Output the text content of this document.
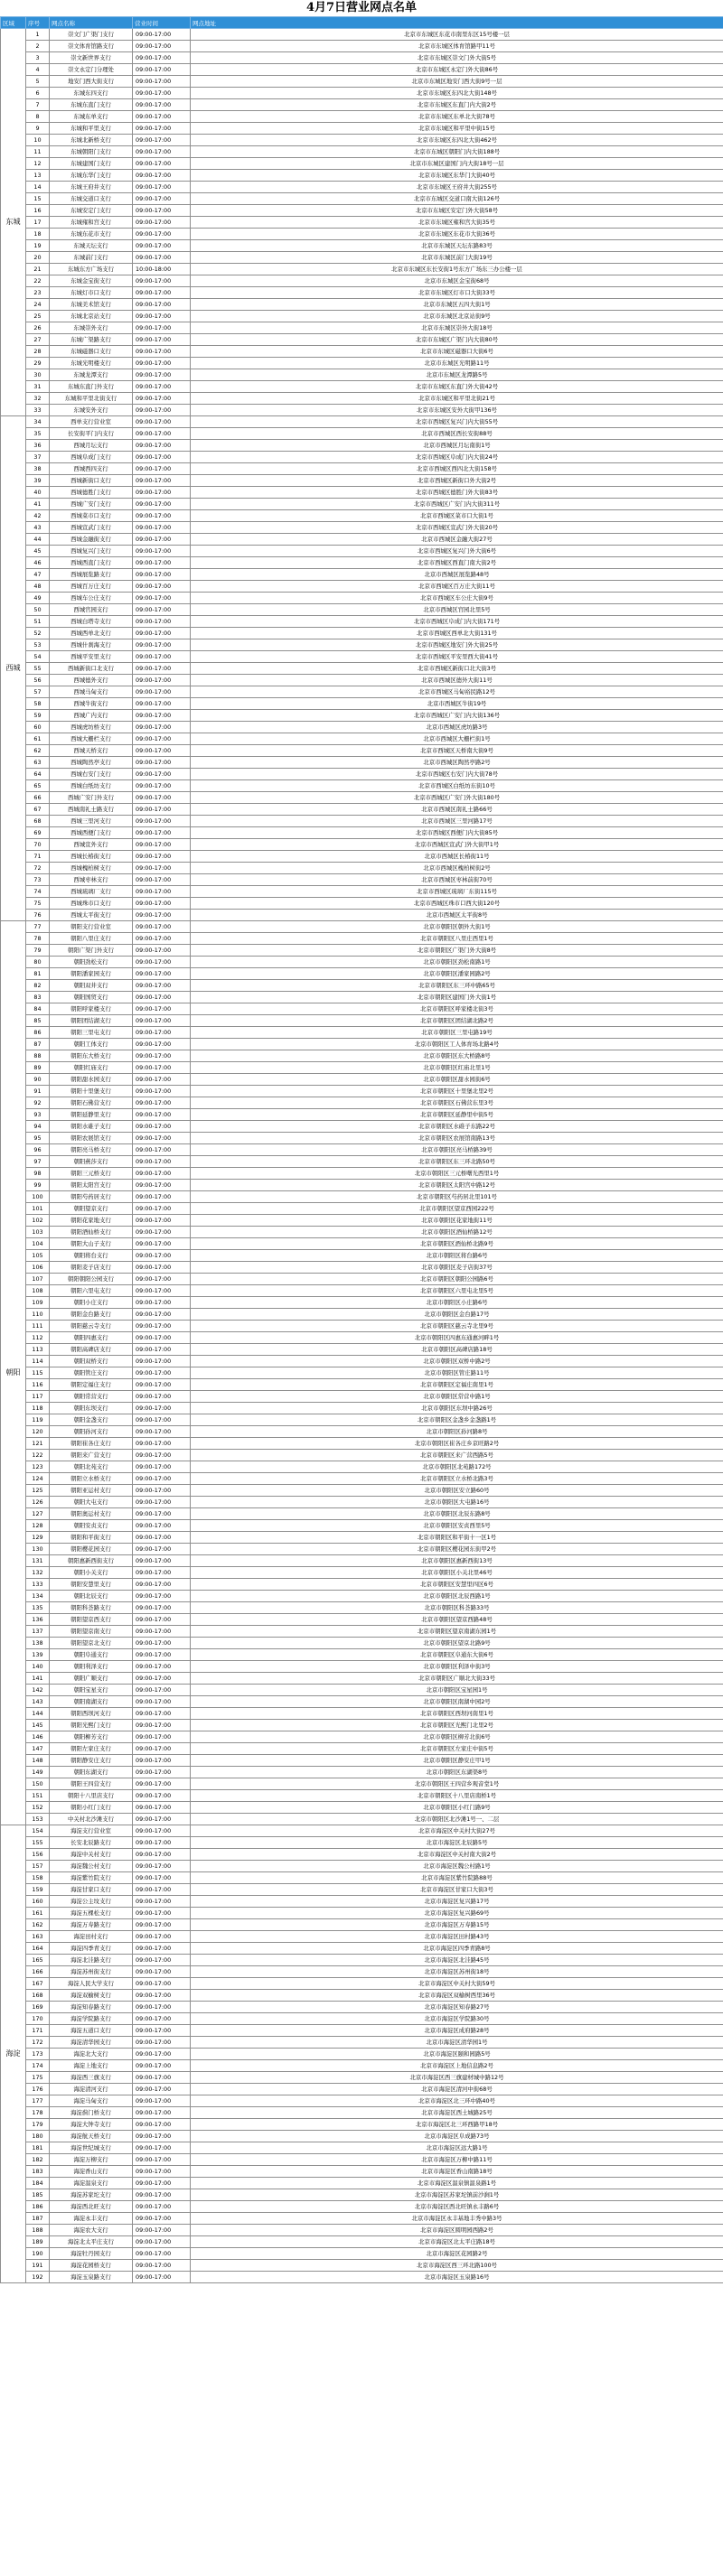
4月7日营业网点名单
区域	序号	网点名称	营业时间	网点地址
东城	1	崇文门广渠门支行	09:00-17:00	北京市东城区东花市南里东区15号楼一层
	2	崇文体育馆路支行	09:00-17:00	北京市东城区体育馆路甲11号
	3	崇文新世界支行	09:00-17:00	北京市东城区崇文门外大街5号
	4	崇文永定门分理处	09:00-17:00	北京市东城区永定门外大街86号
	5	地安门西大街支行	09:00-17:00	北京市东城区地安门西大街9号一层
	6	东城东四支行	09:00-17:00	北京市东城区东四北大街148号
	7	东城东直门支行	09:00-17:00	北京市东城区东直门内大街2号
	8	东城东单支行	09:00-17:00	北京市东城区东单北大街78号
	9	东城和平里支行	09:00-17:00	北京市东城区和平里中街15号
	10	东城北新桥支行	09:00-17:00	北京市东城区东四北大街462号
	11	东城朝阳门支行	09:00-17:00	北京市东城区朝阳门内大街188号
	12	东城建国门支行	09:00-17:00	北京市东城区建国门内大街18号一层
	13	东城东华门支行	09:00-17:00	北京市东城区东华门大街40号
	14	东城王府井支行	09:00-17:00	北京市东城区王府井大街255号
	15	东城交道口支行	09:00-17:00	北京市东城区交道口南大街126号
	16	东城安定门支行	09:00-17:00	北京市东城区安定门外大街58号
	17	东城雍和宫支行	09:00-17:00	北京市东城区雍和宫大街35号
	18	东城东花市支行	09:00-17:00	北京市东城区东花市大街36号
	19	东城天坛支行	09:00-17:00	北京市东城区天坛东路83号
	20	东城前门支行	09:00-17:00	北京市东城区前门大街19号
	21	东城东方广场支行	10:00-18:00	北京市东城区东长安街1号东方广场东三办公楼一层
	22	东城金宝街支行	09:00-17:00	北京市东城区金宝街68号
	23	东城灯市口支行	09:00-17:00	北京市东城区灯市口大街33号
	24	东城美术馆支行	09:00-17:00	北京市东城区五四大街1号
	25	东城北京站支行	09:00-17:00	北京市东城区北京站街9号
	26	东城崇外支行	09:00-17:00	北京市东城区崇外大街18号
	27	东城广渠路支行	09:00-17:00	北京市东城区广渠门内大街80号
	28	东城磁器口支行	09:00-17:00	北京市东城区磁器口大街6号
	29	东城光明楼支行	09:00-17:00	北京市东城区光明路11号
	30	东城龙潭支行	09:00-17:00	北京市东城区龙潭路5号
	31	东城东直门外支行	09:00-17:00	北京市东城区东直门外大街42号
	32	东城和平里北街支行	09:00-17:00	北京市东城区和平里北街21号
	33	东城安外支行	09:00-17:00	北京市东城区安外大街甲136号
西城	34	西单支行营业室	09:00-17:00	北京市西城区复兴门内大街55号
	35	长安街平门内支行	09:00-17:00	北京市西城区西长安街88号
	36	西城月坛支行	09:00-17:00	北京市西城区月坛南街1号
	37	西城阜成门支行	09:00-17:00	北京市西城区阜成门内大街24号
	38	西城西四支行	09:00-17:00	北京市西城区西四北大街158号
	39	西城新街口支行	09:00-17:00	北京市西城区新街口外大街2号
	40	西城德胜门支行	09:00-17:00	北京市西城区德胜门外大街83号
	41	西城广安门支行	09:00-17:00	北京市西城区广安门内大街311号
	42	西城菜市口支行	09:00-17:00	北京市西城区菜市口大街1号
	43	西城宣武门支行	09:00-17:00	北京市西城区宣武门外大街20号
	44	西城金融街支行	09:00-17:00	北京市西城区金融大街27号
	45	西城复兴门支行	09:00-17:00	北京市西城区复兴门外大街6号
	46	西城西直门支行	09:00-17:00	北京市西城区西直门南大街2号
	47	西城展览路支行	09:00-17:00	北京市西城区展览路48号
	48	西城百万庄支行	09:00-17:00	北京市西城区百万庄大街11号
	49	西城车公庄支行	09:00-17:00	北京市西城区车公庄大街9号
	50	西城官园支行	09:00-17:00	北京市西城区官园北里5号
	51	西城白塔寺支行	09:00-17:00	北京市西城区阜成门内大街171号
	52	西城西单北支行	09:00-17:00	北京市西城区西单北大街131号
	53	西城什刹海支行	09:00-17:00	北京市西城区地安门外大街25号
	54	西城平安里支行	09:00-17:00	北京市西城区平安里西大街41号
	55	西城新街口北支行	09:00-17:00	北京市西城区新街口北大街3号
	56	西城德外支行	09:00-17:00	北京市西城区德外大街11号
	57	西城马甸支行	09:00-17:00	北京市西城区马甸裕民路12号
	58	西城牛街支行	09:00-17:00	北京市西城区牛街19号
	59	西城广内支行	09:00-17:00	北京市西城区广安门内大街136号
	60	西城虎坊桥支行	09:00-17:00	北京市西城区虎坊路3号
	61	西城大栅栏支行	09:00-17:00	北京市西城区大栅栏街1号
	62	西城天桥支行	09:00-17:00	北京市西城区天桥南大街9号
	63	西城陶然亭支行	09:00-17:00	北京市西城区陶然亭路2号
	64	西城右安门支行	09:00-17:00	北京市西城区右安门内大街78号
	65	西城白纸坊支行	09:00-17:00	北京市西城区白纸坊东街10号
	66	西城广安门外支行	09:00-17:00	北京市西城区广安门外大街180号
	67	西城南礼士路支行	09:00-17:00	北京市西城区南礼士路66号
	68	西城三里河支行	09:00-17:00	北京市西城区三里河路17号
	69	西城西便门支行	09:00-17:00	北京市西城区西便门内大街85号
	70	西城宣外支行	09:00-17:00	北京市西城区宣武门外大街甲1号
	71	西城长椿街支行	09:00-17:00	北京市西城区长椿街11号
	72	西城槐柏树支行	09:00-17:00	北京市西城区槐柏树街2号
	73	西城枣林支行	09:00-17:00	北京市西城区枣林前街70号
	74	西城琉璃厂支行	09:00-17:00	北京市西城区琉璃厂东街115号
	75	西城珠市口支行	09:00-17:00	北京市西城区珠市口西大街120号
	76	西城太平街支行	09:00-17:00	北京市西城区太平街8号
朝阳	77	朝阳支行营业室	09:00-17:00	北京市朝阳区朝外大街1号
	78	朝阳八里庄支行	09:00-17:00	北京市朝阳区八里庄西里1号
	79	朝阳广渠门外支行	09:00-17:00	北京市朝阳区广渠门外大街8号
	80	朝阳劲松支行	09:00-17:00	北京市朝阳区劲松南路1号
	81	朝阳潘家园支行	09:00-17:00	北京市朝阳区潘家园路2号
	82	朝阳双井支行	09:00-17:00	北京市朝阳区东三环中路65号
	83	朝阳国贸支行	09:00-17:00	北京市朝阳区建国门外大街1号
	84	朝阳呼家楼支行	09:00-17:00	北京市朝阳区呼家楼北街3号
	85	朝阳团结湖支行	09:00-17:00	北京市朝阳区团结湖北路2号
	86	朝阳三里屯支行	09:00-17:00	北京市朝阳区三里屯路19号
	87	朝阳工体支行	09:00-17:00	北京市朝阳区工人体育场北路4号
	88	朝阳东大桥支行	09:00-17:00	北京市朝阳区东大桥路8号
	89	朝阳红庙支行	09:00-17:00	北京市朝阳区红庙北里1号
	90	朝阳甜水园支行	09:00-17:00	北京市朝阳区甜水园街6号
	91	朝阳十里堡支行	09:00-17:00	北京市朝阳区十里堡北里2号
	92	朝阳石佛营支行	09:00-17:00	北京市朝阳区石佛营东里3号
	93	朝阳延静里支行	09:00-17:00	北京市朝阳区延静里中街5号
	94	朝阳水碓子支行	09:00-17:00	北京市朝阳区水碓子东路22号
	95	朝阳农展馆支行	09:00-17:00	北京市朝阳区农展馆南路13号
	96	朝阳亮马桥支行	09:00-17:00	北京市朝阳区亮马桥路39号
	97	朝阳燕莎支行	09:00-17:00	北京市朝阳区东三环北路50号
	98	朝阳三元桥支行	09:00-17:00	北京市朝阳区三元桥曙光西里1号
	99	朝阳太阳宫支行	09:00-17:00	北京市朝阳区太阳宫中路12号
	100	朝阳芍药居支行	09:00-17:00	北京市朝阳区芍药居北里101号
	101	朝阳望京支行	09:00-17:00	北京市朝阳区望京西园222号
	102	朝阳花家地支行	09:00-17:00	北京市朝阳区花家地街11号
	103	朝阳酒仙桥支行	09:00-17:00	北京市朝阳区酒仙桥路12号
	104	朝阳大山子支行	09:00-17:00	北京市朝阳区酒仙桥北路9号
	105	朝阳将台支行	09:00-17:00	北京市朝阳区将台路6号
	106	朝阳麦子店支行	09:00-17:00	北京市朝阳区麦子店街37号
	107	朝阳朝阳公园支行	09:00-17:00	北京市朝阳区朝阳公园路6号
	108	朝阳六里屯支行	09:00-17:00	北京市朝阳区六里屯北里5号
	109	朝阳小庄支行	09:00-17:00	北京市朝阳区小庄路6号
	110	朝阳金台路支行	09:00-17:00	北京市朝阳区金台路17号
	111	朝阳慈云寺支行	09:00-17:00	北京市朝阳区慈云寺北里9号
	112	朝阳四惠支行	09:00-17:00	北京市朝阳区四惠东通惠河畔1号
	113	朝阳高碑店支行	09:00-17:00	北京市朝阳区高碑店路18号
	114	朝阳双桥支行	09:00-17:00	北京市朝阳区双桥中路2号
	115	朝阳管庄支行	09:00-17:00	北京市朝阳区管庄路11号
	116	朝阳定福庄支行	09:00-17:00	北京市朝阳区定福庄南里1号
	117	朝阳常营支行	09:00-17:00	北京市朝阳区常营中路1号
	118	朝阳东坝支行	09:00-17:00	北京市朝阳区东坝中路26号
	119	朝阳金盏支行	09:00-17:00	北京市朝阳区金盏乡金盏路1号
	120	朝阳孙河支行	09:00-17:00	北京市朝阳区孙河路8号
	121	朝阳崔各庄支行	09:00-17:00	北京市朝阳区崔各庄乡京旺路2号
	122	朝阳来广营支行	09:00-17:00	北京市朝阳区来广营西路5号
	123	朝阳北苑支行	09:00-17:00	北京市朝阳区北苑路172号
	124	朝阳立水桥支行	09:00-17:00	北京市朝阳区立水桥北路3号
	125	朝阳亚运村支行	09:00-17:00	北京市朝阳区安立路60号
	126	朝阳大屯支行	09:00-17:00	北京市朝阳区大屯路16号
	127	朝阳奥运村支行	09:00-17:00	北京市朝阳区北辰东路8号
	128	朝阳安贞支行	09:00-17:00	北京市朝阳区安贞西里5号
	129	朝阳和平街支行	09:00-17:00	北京市朝阳区和平街十一区1号
	130	朝阳樱花园支行	09:00-17:00	北京市朝阳区樱花园东街甲2号
	131	朝阳惠新西街支行	09:00-17:00	北京市朝阳区惠新西街13号
	132	朝阳小关支行	09:00-17:00	北京市朝阳区小关北里46号
	133	朝阳安慧里支行	09:00-17:00	北京市朝阳区安慧里四区6号
	134	朝阳北辰支行	09:00-17:00	北京市朝阳区北辰西路1号
	135	朝阳科荟路支行	09:00-17:00	北京市朝阳区科荟路33号
	136	朝阳望京西支行	09:00-17:00	北京市朝阳区望京西路48号
	137	朝阳望京南支行	09:00-17:00	北京市朝阳区望京南湖东园1号
	138	朝阳望京北支行	09:00-17:00	北京市朝阳区望京北路9号
	139	朝阳阜通支行	09:00-17:00	北京市朝阳区阜通东大街6号
	140	朝阳利泽支行	09:00-17:00	北京市朝阳区利泽中街3号
	141	朝阳广顺支行	09:00-17:00	北京市朝阳区广顺北大街33号
	142	朝阳宝星支行	09:00-17:00	北京市朝阳区宝星园1号
	143	朝阳南湖支行	09:00-17:00	北京市朝阳区南湖中园2号
	144	朝阳西坝河支行	09:00-17:00	北京市朝阳区西坝河南里1号
	145	朝阳光熙门支行	09:00-17:00	北京市朝阳区光熙门北里2号
	146	朝阳柳芳支行	09:00-17:00	北京市朝阳区柳芳北街6号
	147	朝阳左家庄支行	09:00-17:00	北京市朝阳区左家庄中街5号
	148	朝阳静安庄支行	09:00-17:00	北京市朝阳区静安庄甲1号
	149	朝阳东湖支行	09:00-17:00	北京市朝阳区东湖渠8号
	150	朝阳王四营支行	09:00-17:00	北京市朝阳区王四营乡观音堂1号
	151	朝阳十八里店支行	09:00-17:00	北京市朝阳区十八里店南桥1号
	152	朝阳小红门支行	09:00-17:00	北京市朝阳区小红门路9号
	153	中关村北沙滩支行	09:00-17:00	北京市朝阳区北沙滩1号一、二层
海淀	154	海淀支行营业室	09:00-17:00	北京市海淀区中关村大街27号
	155	长安北辰路支行	09:00-17:00	北京市海淀区北辰路5号
	156	海淀中关村支行	09:00-17:00	北京市海淀区中关村南大街2号
	157	海淀魏公村支行	09:00-17:00	北京市海淀区魏公村路1号
	158	海淀紫竹院支行	09:00-17:00	北京市海淀区紫竹院路88号
	159	海淀甘家口支行	09:00-17:00	北京市海淀区甘家口大街3号
	160	海淀公主坟支行	09:00-17:00	北京市海淀区复兴路17号
	161	海淀五棵松支行	09:00-17:00	北京市海淀区复兴路69号
	162	海淀万寿路支行	09:00-17:00	北京市海淀区万寿路15号
	163	海淀田村支行	09:00-17:00	北京市海淀区田村路43号
	164	海淀四季青支行	09:00-17:00	北京市海淀区四季青路8号
	165	海淀北洼路支行	09:00-17:00	北京市海淀区北洼路45号
	166	海淀苏州街支行	09:00-17:00	北京市海淀区苏州街18号
	167	海淀人民大学支行	09:00-17:00	北京市海淀区中关村大街59号
	168	海淀双榆树支行	09:00-17:00	北京市海淀区双榆树西里36号
	169	海淀知春路支行	09:00-17:00	北京市海淀区知春路27号
	170	海淀学院路支行	09:00-17:00	北京市海淀区学院路30号
	171	海淀五道口支行	09:00-17:00	北京市海淀区成府路28号
	172	海淀清华园支行	09:00-17:00	北京市海淀区清华园1号
	173	海淀北大支行	09:00-17:00	北京市海淀区颐和园路5号
	174	海淀上地支行	09:00-17:00	北京市海淀区上地信息路2号
	175	海淀西三旗支行	09:00-17:00	北京市海淀区西三旗建材城中路12号
	176	海淀清河支行	09:00-17:00	北京市海淀区清河中街68号
	177	海淀马甸支行	09:00-17:00	北京市海淀区北三环中路40号
	178	海淀蓟门桥支行	09:00-17:00	北京市海淀区西土城路25号
	179	海淀大钟寺支行	09:00-17:00	北京市海淀区北三环西路甲18号
	180	海淀航天桥支行	09:00-17:00	北京市海淀区阜成路73号
	181	海淀世纪城支行	09:00-17:00	北京市海淀区远大路1号
	182	海淀万柳支行	09:00-17:00	北京市海淀区万柳中路11号
	183	海淀香山支行	09:00-17:00	北京市海淀区香山南路18号
	184	海淀温泉支行	09:00-17:00	北京市海淀区温泉镇温泉路1号
	185	海淀苏家坨支行	09:00-17:00	北京市海淀区苏家坨镇前沙涧1号
	186	海淀西北旺支行	09:00-17:00	北京市海淀区西北旺镇永丰路6号
	187	海淀永丰支行	09:00-17:00	北京市海淀区永丰基地丰秀中路3号
	188	海淀农大支行	09:00-17:00	北京市海淀区圆明园西路2号
	189	海淀北太平庄支行	09:00-17:00	北京市海淀区北太平庄路18号
	190	海淀牡丹园支行	09:00-17:00	北京市海淀区花园路2号
	191	海淀花园桥支行	09:00-17:00	北京市海淀区西三环北路100号
	192	海淀玉泉路支行	09:00-17:00	北京市海淀区玉泉路16号
